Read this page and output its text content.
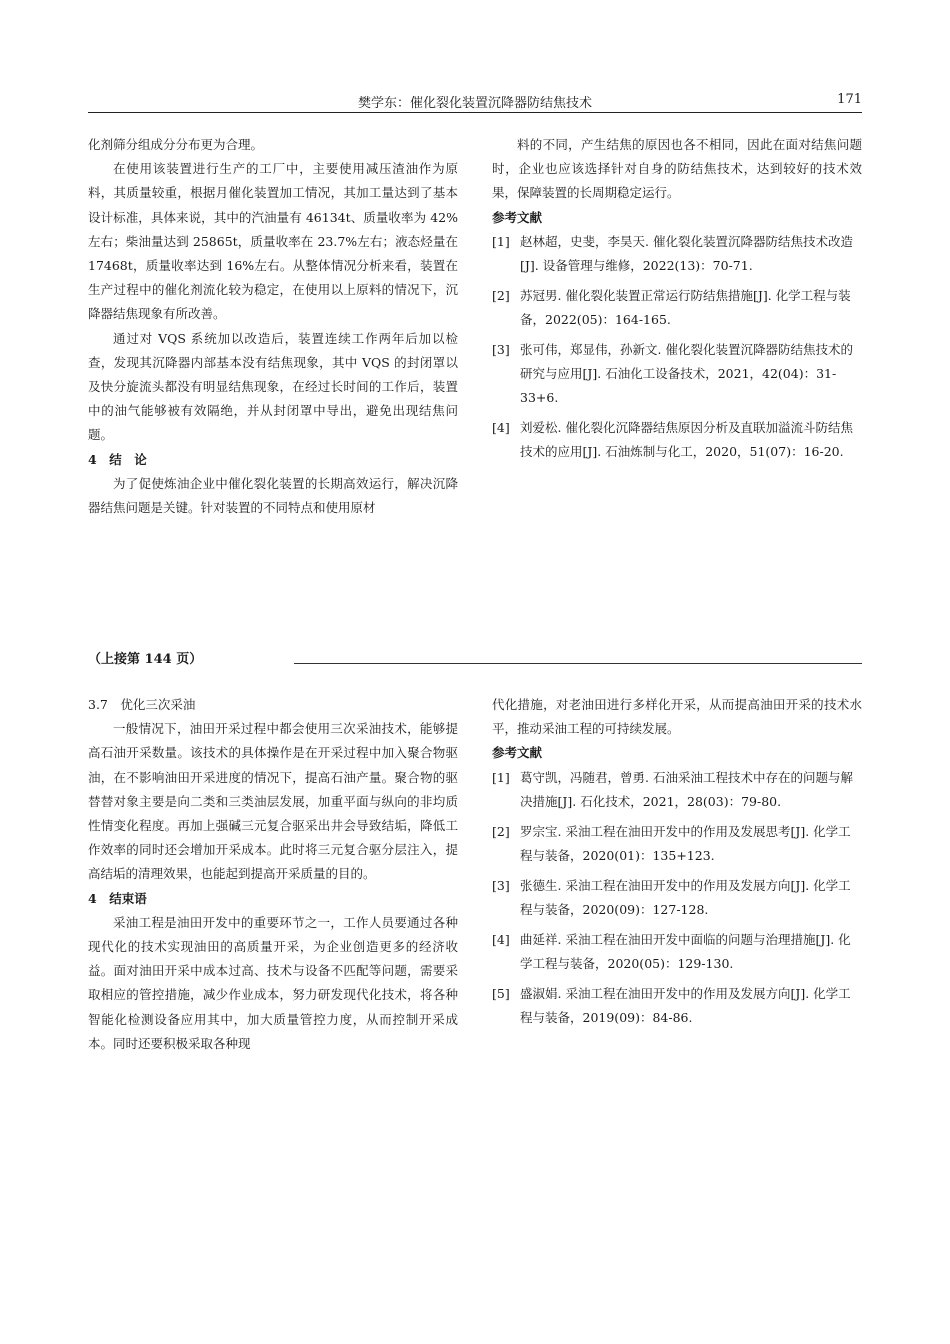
樊学东：催化裂化装置沉降器防结焦技术	171

化剂筛分组成分分布更为合理。

在使用该装置进行生产的工厂中，主要使用减压渣油作为原料，其质量较重，根据月催化装置加工情况，其加工量达到了基本设计标准，具体来说，其中的汽油量有 46134t、质量收率为 42%左右；柴油量达到 25865t，质量收率在 23.7%左右；液态烃量在 17468t，质量收率达到 16%左右。从整体情况分析来看，装置在生产过程中的催化剂流化较为稳定，在使用以上原料的情况下，沉降器结焦现象有所改善。

通过对 VQS 系统加以改造后，装置连续工作两年后加以检查，发现其沉降器内部基本没有结焦现象，其中 VQS 的封闭罩以及快分旋流头都没有明显结焦现象，在经过长时间的工作后，装置中的油气能够被有效隔绝，并从封闭罩中导出，避免出现结焦问题。

4　结　论

为了促使炼油企业中催化裂化装置的长期高效运行，解决沉降器结焦问题是关键。针对装置的不同特点和使用原材

料的不同，产生结焦的原因也各不相同，因此在面对结焦问题时，企业也应该选择针对自身的防结焦技术，达到较好的技术效果，保障装置的长周期稳定运行。

参考文献

[1] 赵林超，史斐，李昊天. 催化裂化装置沉降器防结焦技术改造[J]. 设备管理与维修，2022(13)：70-71.
[2] 苏冠男. 催化裂化装置正常运行防结焦措施[J]. 化学工程与装备，2022(05)：164-165.
[3] 张可伟，郑显伟，孙新文. 催化裂化装置沉降器防结焦技术的研究与应用[J]. 石油化工设备技术，2021，42(04)：31-33+6.
[4] 刘爱松. 催化裂化沉降器结焦原因分析及直联加溢流斗防结焦技术的应用[J]. 石油炼制与化工，2020，51(07)：16-20.
（上接第 144 页）

3.7　优化三次采油

一般情况下，油田开采过程中都会使用三次采油技术，能够提高石油开采数量。该技术的具体操作是在开采过程中加入聚合物驱油，在不影响油田开采进度的情况下，提高石油产量。聚合物的驱替替对象主要是向二类和三类油层发展，加重平面与纵向的非均质性情变化程度。再加上强碱三元复合驱采出井会导致结垢，降低工作效率的同时还会增加开采成本。此时将三元复合驱分层注入，提高结垢的清理效果，也能起到提高开采质量的目的。

4　结束语

采油工程是油田开发中的重要环节之一，工作人员要通过各种现代化的技术实现油田的高质量开采，为企业创造更多的经济收益。面对油田开采中成本过高、技术与设备不匹配等问题，需要采取相应的管控措施，减少作业成本，努力研发现代化技术，将各种智能化检测设备应用其中，加大质量管控力度，从而控制开采成本。同时还要积极采取各种现

代化措施，对老油田进行多样化开采，从而提高油田开采的技术水平，推动采油工程的可持续发展。

参考文献

[1] 葛守凯，冯随君，曾勇. 石油采油工程技术中存在的问题与解决措施[J]. 石化技术，2021，28(03)：79-80.
[2] 罗宗宝. 采油工程在油田开发中的作用及发展思考[J]. 化学工程与装备，2020(01)：135+123.
[3] 张德生. 采油工程在油田开发中的作用及发展方向[J]. 化学工程与装备，2020(09)：127-128.
[4] 曲延祥. 采油工程在油田开发中面临的问题与治理措施[J]. 化学工程与装备，2020(05)：129-130.
[5] 盛淑娟. 采油工程在油田开发中的作用及发展方向[J]. 化学工程与装备，2019(09)：84-86.
